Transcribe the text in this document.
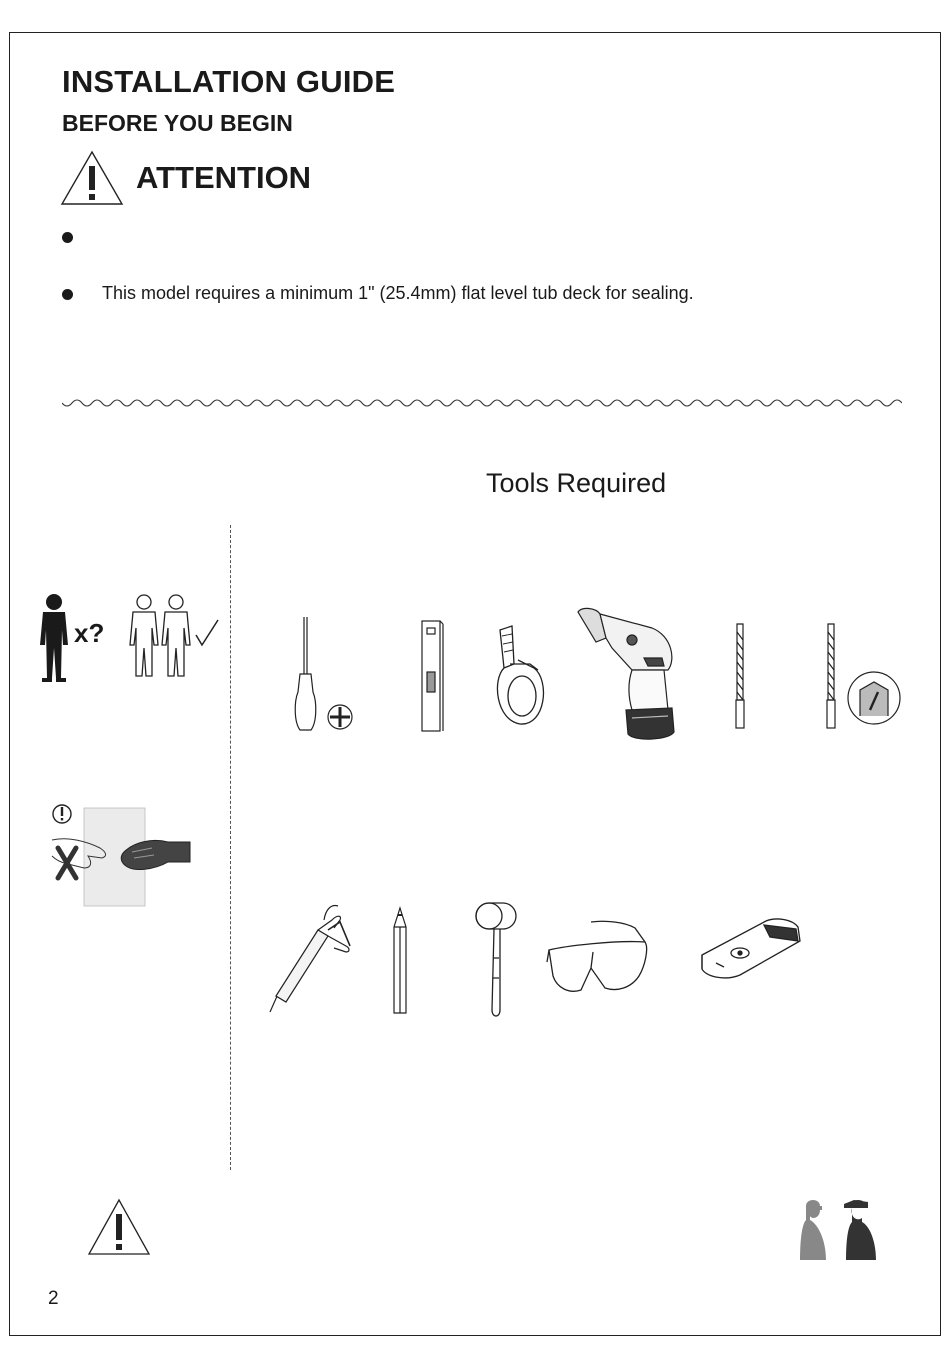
INSTALLATION GUIDE
BEFORE YOU BEGIN
ATTENTION
This model requires a minimum 1" (25.4mm) flat level tub deck for sealing.
Tools Required
x?
2
